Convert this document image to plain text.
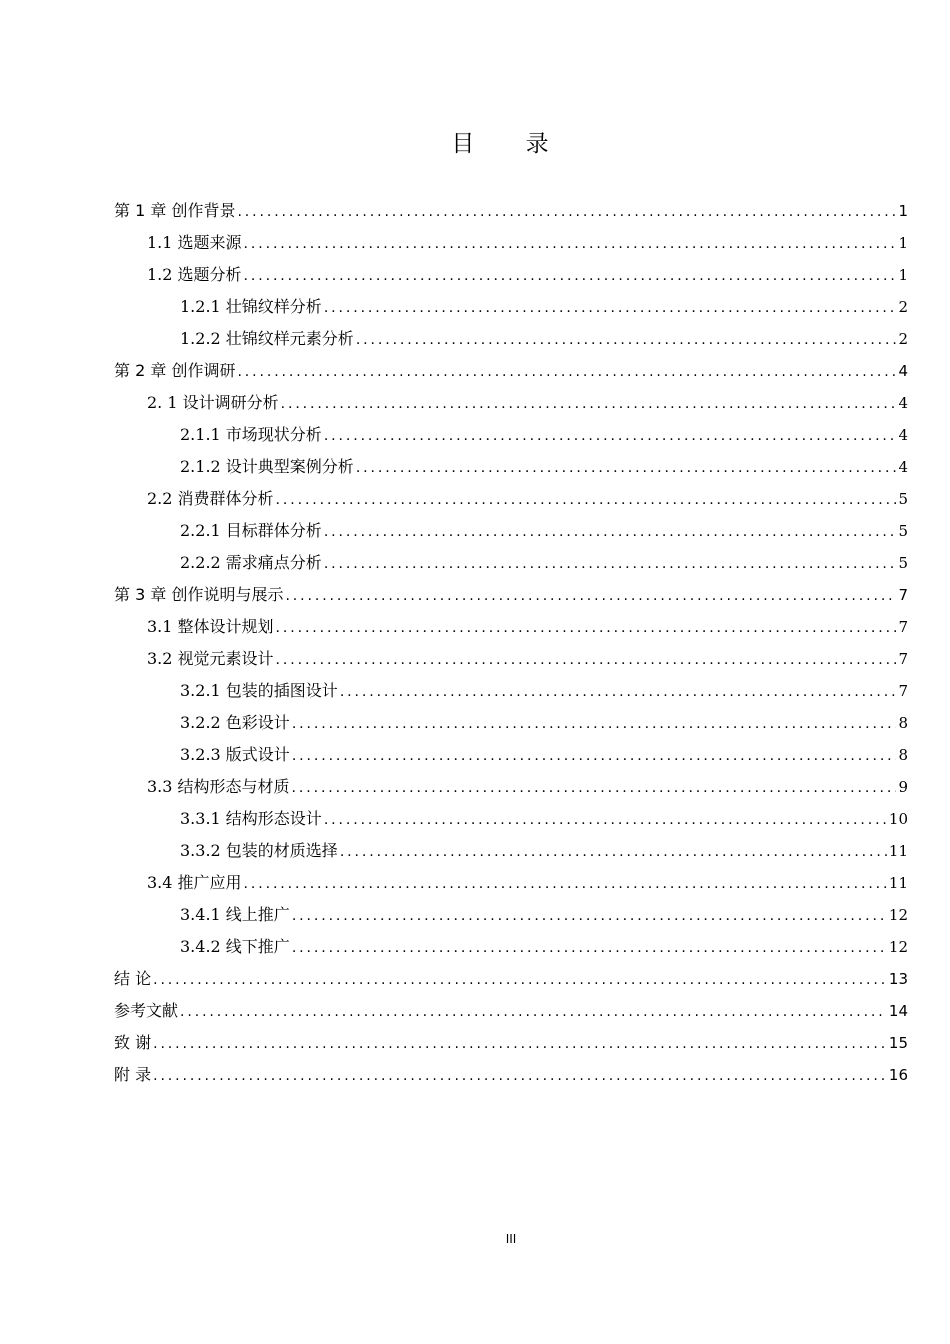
目 录
第 1 章 创作背景 .....	1
1.1 选题来源 .....	1
1.2 选题分析 .....	1
1.2.1 壮锦纹样分析 .....	2
1.2.2 壮锦纹样元素分析 .....	2
第 2 章 创作调研 .....	4
2. 1 设计调研分析 .....	4
2.1.1 市场现状分析 .....	4
2.1.2 设计典型案例分析 .....	4
2.2 消费群体分析 .....	5
2.2.1 目标群体分析 .....	5
2.2.2 需求痛点分析 .....	5
第 3 章 创作说明与展示 .....	7
3.1 整体设计规划 .....	7
3.2 视觉元素设计 .....	7
3.2.1 包装的插图设计 .....	7
3.2.2 色彩设计 .....	8
3.2.3 版式设计 .....	8
3.3 结构形态与材质 .....	9
3.3.1 结构形态设计 .....	10
3.3.2 包装的材质选择 .....	11
3.4 推广应用 .....	11
3.4.1 线上推广 .....	12
3.4.2 线下推广 .....	12
结 论 .....	13
参考文献 .....	14
致 谢 .....	15
附 录 .....	16
III
